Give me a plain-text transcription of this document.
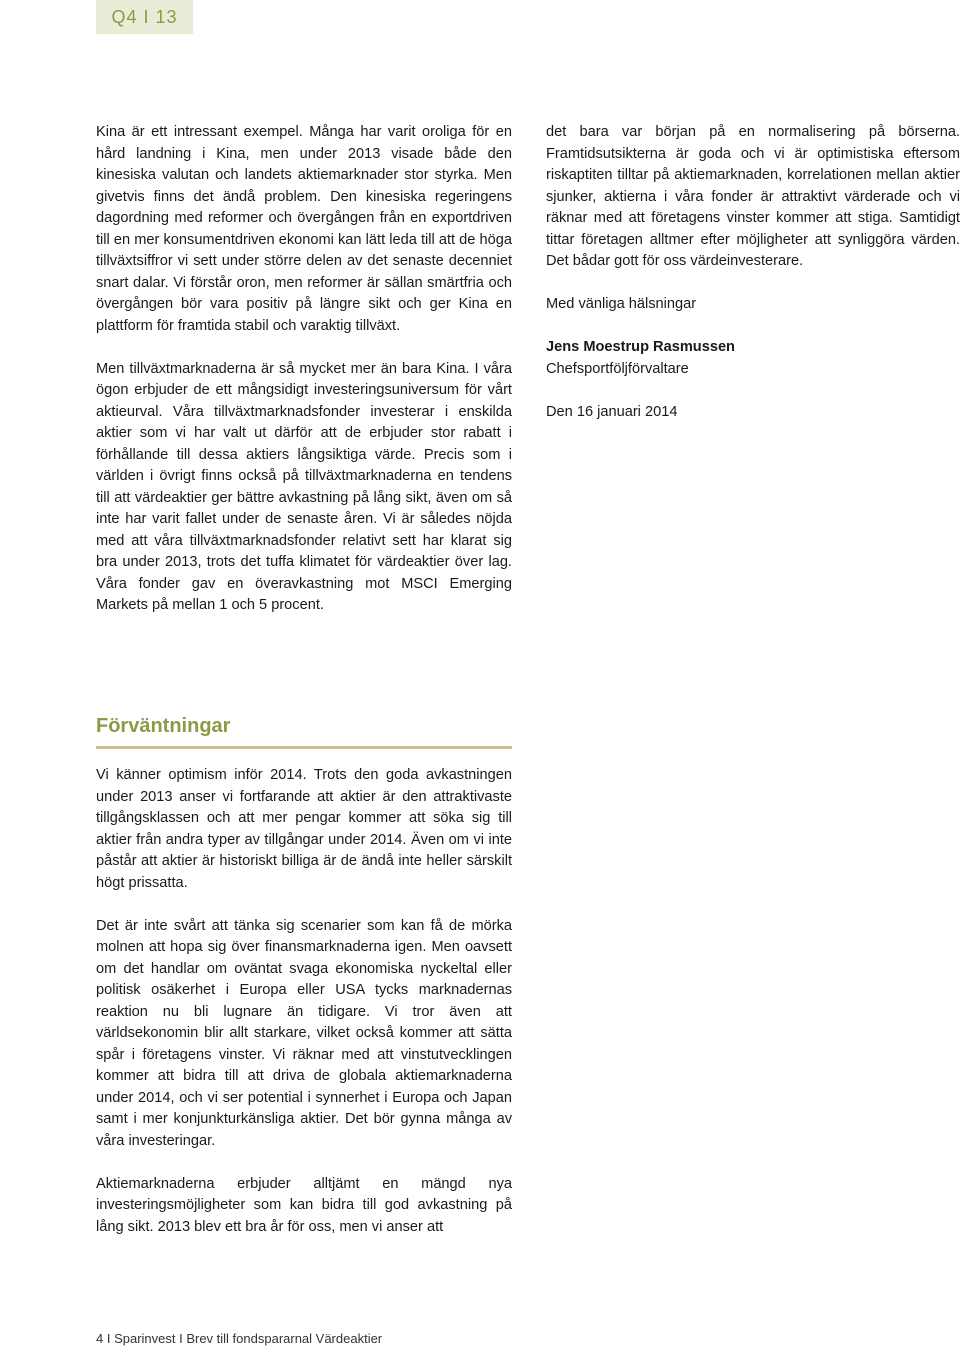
Q4 I 13

Kina är ett intressant exempel. Många har varit oroliga för en hård landning i Kina, men under 2013 visade både den kinesiska valutan och landets aktiemarknader stor styrka. Men givetvis finns det ändå problem. Den kinesiska regeringens dagordning med reformer och övergången från en exportdriven till en mer konsumentdriven ekonomi kan lätt leda till att de höga tillväxtsiffror vi sett under större delen av det senaste decenniet snart dalar. Vi förstår oron, men reformer är sällan smärtfria och övergången bör vara positiv på längre sikt och ger Kina en plattform för framtida stabil och varaktig tillväxt.

Men tillväxtmarknaderna är så mycket mer än bara Kina. I våra ögon erbjuder de ett mångsidigt investeringsuniversum för vårt aktieurval. Våra tillväxtmarknadsfonder investerar i enskilda aktier som vi har valt ut därför att de erbjuder stor rabatt i förhållande till dessa aktiers långsiktiga värde. Precis som i världen i övrigt finns också på tillväxtmarknaderna en tendens till att värdeaktier ger bättre avkastning på lång sikt, även om så inte har varit fallet under de senaste åren. Vi är således nöjda med att våra tillväxtmarknadsfonder relativt sett har klarat sig bra under 2013, trots det tuffa klimatet för värdeaktier över lag. Våra fonder gav en överavkastning mot MSCI Emerging Markets på mellan 1 och 5 procent.

det bara var början på en normalisering på börserna. Framtidsutsikterna är goda och vi är optimistiska eftersom riskaptiten tilltar på aktiemarknaden, korrelationen mellan aktier sjunker, aktierna i våra fonder är attraktivt värderade och vi räknar med att företagens vinster kommer att stiga. Samtidigt tittar företagen alltmer efter möjligheter att synliggöra värden. Det bådar gott för oss värdeinvesterare.

Med vänliga hälsningar

Jens Moestrup Rasmussen

Chefsportföljförvaltare

Den 16 januari 2014

Förväntningar

Vi känner optimism inför 2014. Trots den goda avkastningen under 2013 anser vi fortfarande att aktier är den attraktivaste tillgångsklassen och att mer pengar kommer att söka sig till aktier från andra typer av tillgångar under 2014. Även om vi inte påstår att aktier är historiskt billiga är de ändå inte heller särskilt högt prissatta.

Det är inte svårt att tänka sig scenarier som kan få de mörka molnen att hopa sig över finansmarknaderna igen. Men oavsett om det handlar om oväntat svaga ekonomiska nyckeltal eller politisk osäkerhet i Europa eller USA tycks marknadernas reaktion nu bli lugnare än tidigare. Vi tror även att världsekonomin blir allt starkare, vilket också kommer att sätta spår i företagens vinster. Vi räknar med att vinstutvecklingen kommer att bidra till att driva de globala aktiemarknaderna under 2014, och vi ser potential i synnerhet i Europa och Japan samt i mer konjunkturkänsliga aktier. Det bör gynna många av våra investeringar.

Aktiemarknaderna erbjuder alltjämt en mängd nya investeringsmöjligheter som kan bidra till god avkastning på lång sikt. 2013 blev ett bra år för oss, men vi anser att

4 I Sparinvest I Brev till fondspararnal Värdeaktier
